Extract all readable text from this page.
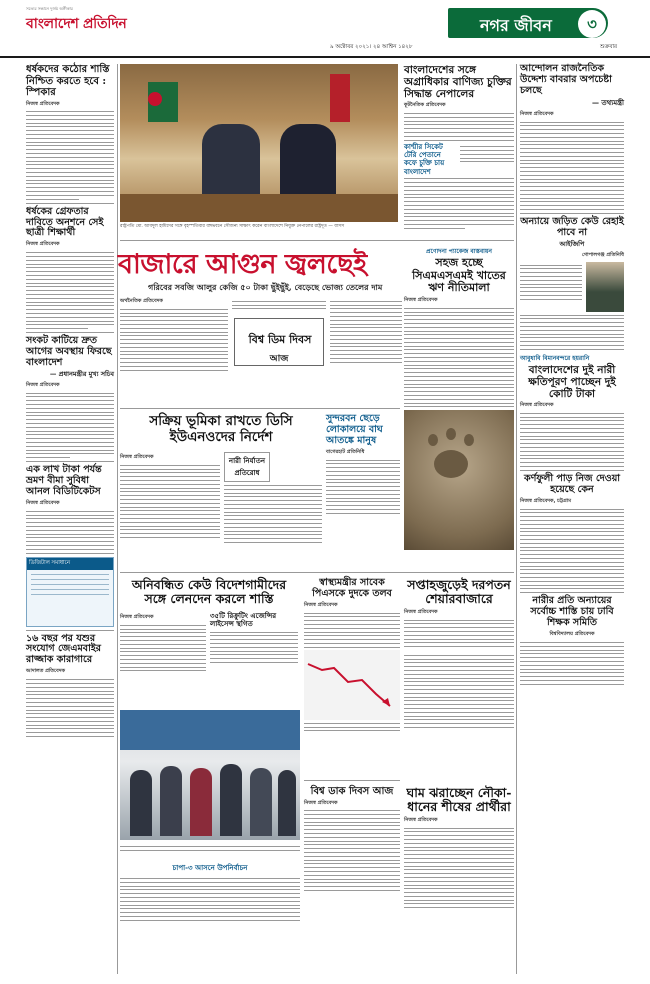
সত্যের সন্ধানে দুর্জয় অঙ্গীকার
বাংলাদেশ প্রতিদিন	নগর জীবন	৩
৯ অক্টোবর ২০২১। ২৪ আশ্বিন ১৪২৮	শুক্রবার
ধর্ষকদের কঠোর শাস্তি নিশ্চিত করতে হবে : স্পিকার
নিজস্ব প্রতিবেদক
ধর্ষকের গ্রেফতার দাবিতে অনশনে সেই ছাত্রী শিক্ষার্থী
নিজস্ব প্রতিবেদক
সংকট কাটিয়ে দ্রুত আগের অবস্থায় ফিরছে বাংলাদেশ
— প্রধানমন্ত্রীর মুখ্য সচিব
নিজস্ব প্রতিবেদক
এক লাখ টাকা পর্যন্ত ভ্রমণ বীমা সুবিধা আনল বিডিটিকেটস
নিজস্ব প্রতিবেদক
ডিজিটাল সমাধানে
১৬ বছর পর যশুর সংযোগ জেএমবাইর রাজ্জাক কারাগারে
আদালত প্রতিবেদক
রাষ্ট্রপতি মো. আবদুল হামিদের সঙ্গে বৃহস্পতিবার বঙ্গভবনে সৌজন্য সাক্ষাৎ করেন বাংলাদেশে নিযুক্ত নেপালের রাষ্ট্রদূত — বাসস
বাংলাদেশের সঙ্গে অগ্রাধিকার বাণিজ্য চুক্তির সিদ্ধান্ত নেপালের
কূটনৈতিক প্রতিবেদক
কাশ্মীর সিকেট টেরি পেতানে কফে চুক্তি চায় বাংলাদেশ
বাজারে আগুন জ্বলছেই
গরিবের সবজি আলুর কেজি ৫০ টাকা ছুঁইছুঁই, বেড়েছে ভোজ্য তেলের দাম
অর্থনৈতিক প্রতিবেদক
বিশ্ব ডিম দিবস
আজ
প্রণোদনা প্যাকেজ বাস্তবায়ন
সহজ হচ্ছে সিএমএসএমই খাতের ঋণ নীতিমালা
নিজস্ব প্রতিবেদক
সক্রিয় ভূমিকা রাখতে ডিসি ইউএনওদের নির্দেশ
নিজস্ব প্রতিবেদক	নারী নির্যাতন প্রতিরোধ
সুন্দরবন ছেড়ে লোকালয়ে বাঘ আতঙ্কে মানুষ
বাগেরহাট প্রতিনিধি
অনিবন্ধিত কেউ বিদেশগামীদের সঙ্গে লেনদেন করলে শাস্তি
নিজস্ব প্রতিবেদক	৩৫টি রিক্রুটিং এজেন্সির লাইসেন্স স্থগিত
স্বাস্থ্যমন্ত্রীর সাবেক পিএসকে দুদকে তলব
নিজস্ব প্রতিবেদক
সপ্তাহজুড়েই দরপতন শেয়ারবাজারে
নিজস্ব প্রতিবেদক
বিশ্ব ডাক দিবস আজ
নিজস্ব প্রতিবেদক
ঘাম ঝরাচ্ছেন নৌকা-ধানের শীষের প্রার্থীরা
নিজস্ব প্রতিবেদক
চাপা-৩ আসনে উপনির্বাচন
আন্দোলন রাজনৈতিক উদ্দেশ্য বাবরার অপচেষ্টা চলছে
— তথ্যমন্ত্রী
নিজস্ব প্রতিবেদক
অন্যায়ে জড়িত কেউ রেহাই পাবে না
আইজিপি
গোপালগঞ্জ প্রতিনিধি
আবুধাবি বিমানবন্দরে হয়রানি
বাংলাদেশের দুই নারী ক্ষতিপূরণ পাচ্ছেন দুই কোটি টাকা
নিজস্ব প্রতিবেদক
কর্ণফুলী পাড় নিজ দেওয়া হয়েছে কেন
নিজস্ব প্রতিবেদক, চট্টগ্রাম
নারীর প্রতি অন্যায়ের সর্বোচ্চ শাস্তি চায় ঢাবি শিক্ষক সমিতি
বিশ্ববিদ্যালয় প্রতিবেদক
